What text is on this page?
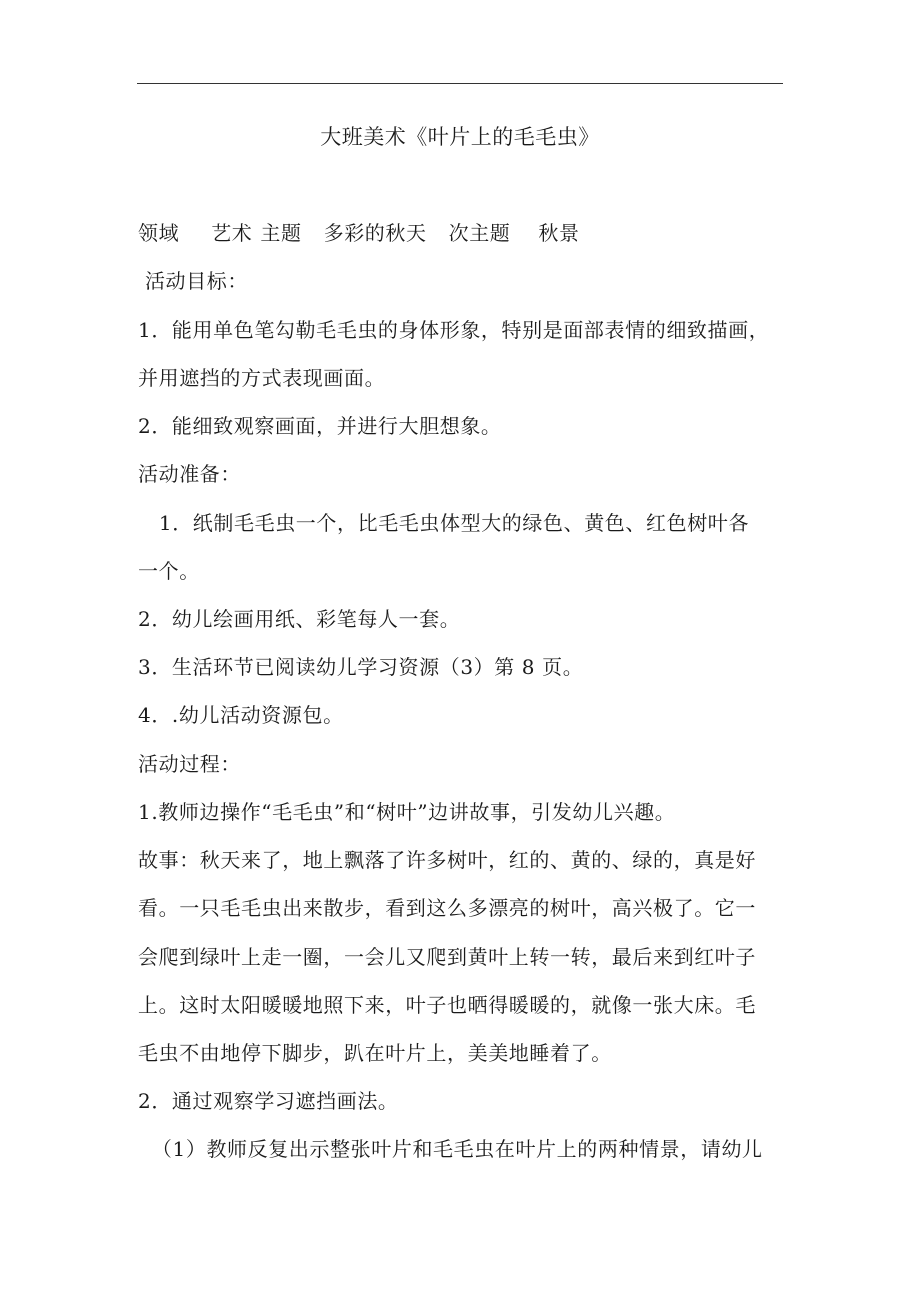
大班美术《叶片上的毛毛虫》
领域 艺术 主题 多彩的秋天 次主题 秋景
活动目标：
1．能用单色笔勾勒毛毛虫的身体形象，特别是面部表情的细致描画，
并用遮挡的方式表现画面。
2．能细致观察画面，并进行大胆想象。
活动准备：
1．纸制毛毛虫一个，比毛毛虫体型大的绿色、黄色、红色树叶各
一个。
2．幼儿绘画用纸、彩笔每人一套。
3．生活环节已阅读幼儿学习资源（3）第 8 页。
4．.幼儿活动资源包。
活动过程：
1.教师边操作“毛毛虫”和“树叶”边讲故事，引发幼儿兴趣。
故事：秋天来了，地上飘落了许多树叶，红的、黄的、绿的，真是好
看。一只毛毛虫出来散步，看到这么多漂亮的树叶，高兴极了。它一
会爬到绿叶上走一圈，一会儿又爬到黄叶上转一转，最后来到红叶子
上。这时太阳暖暖地照下来，叶子也晒得暖暖的，就像一张大床。毛
毛虫不由地停下脚步，趴在叶片上，美美地睡着了。
2．通过观察学习遮挡画法。
（1）教师反复出示整张叶片和毛毛虫在叶片上的两种情景，请幼儿
